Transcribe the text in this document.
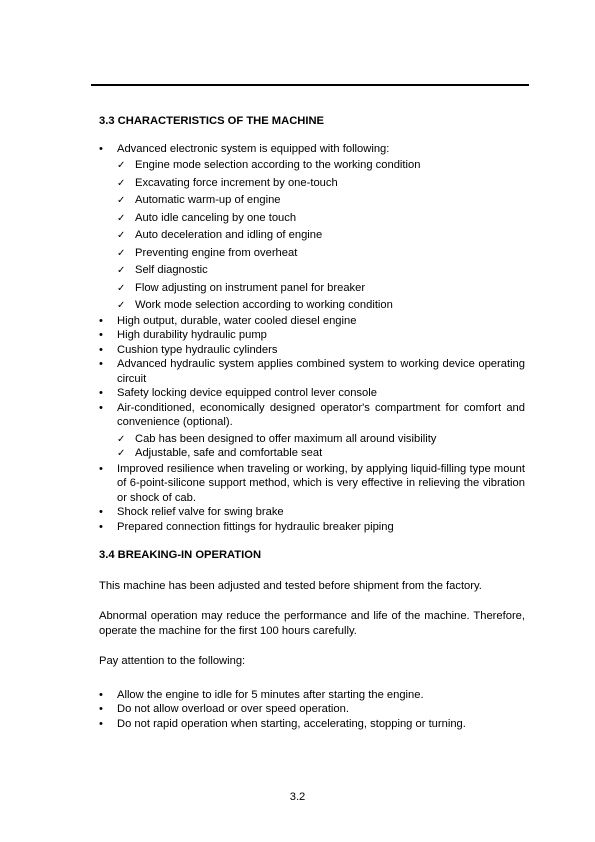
3.3 CHARACTERISTICS OF THE MACHINE
•
Advanced electronic system is equipped with following:
✓
Engine mode selection according to the working condition
✓
Excavating force increment by one-touch
✓
Automatic warm-up of engine
✓
Auto idle canceling by one touch
✓
Auto deceleration and idling of engine
✓
Preventing engine from overheat
✓
Self diagnostic
✓
Flow adjusting on instrument panel for breaker
✓
Work mode selection according to working condition
•
High output, durable, water cooled diesel engine
•
High durability hydraulic pump
•
Cushion type hydraulic cylinders
•
Advanced hydraulic system applies combined system to working device operating circuit
•
Safety locking device equipped control lever console
•
Air-conditioned, economically designed operator's compartment for comfort and convenience (optional).
✓
Cab has been designed to offer maximum all around visibility
✓
Adjustable, safe and comfortable seat
•
Improved resilience when traveling or working, by applying liquid-filling type mount of 6-point-silicone support method, which is very effective in relieving the vibration or shock of cab.
•
Shock relief valve for swing brake
•
Prepared connection fittings for hydraulic breaker piping
3.4 BREAKING-IN OPERATION

This machine has been adjusted and tested before shipment from the factory.

Abnormal operation may reduce the performance and life of the machine. Therefore, operate the machine for the first 100 hours carefully.

Pay attention to the following:

•
Allow the engine to idle for 5 minutes after starting the engine.
•
Do not allow overload or over speed operation.
•
Do not rapid operation when starting, accelerating, stopping or turning.
3.2
